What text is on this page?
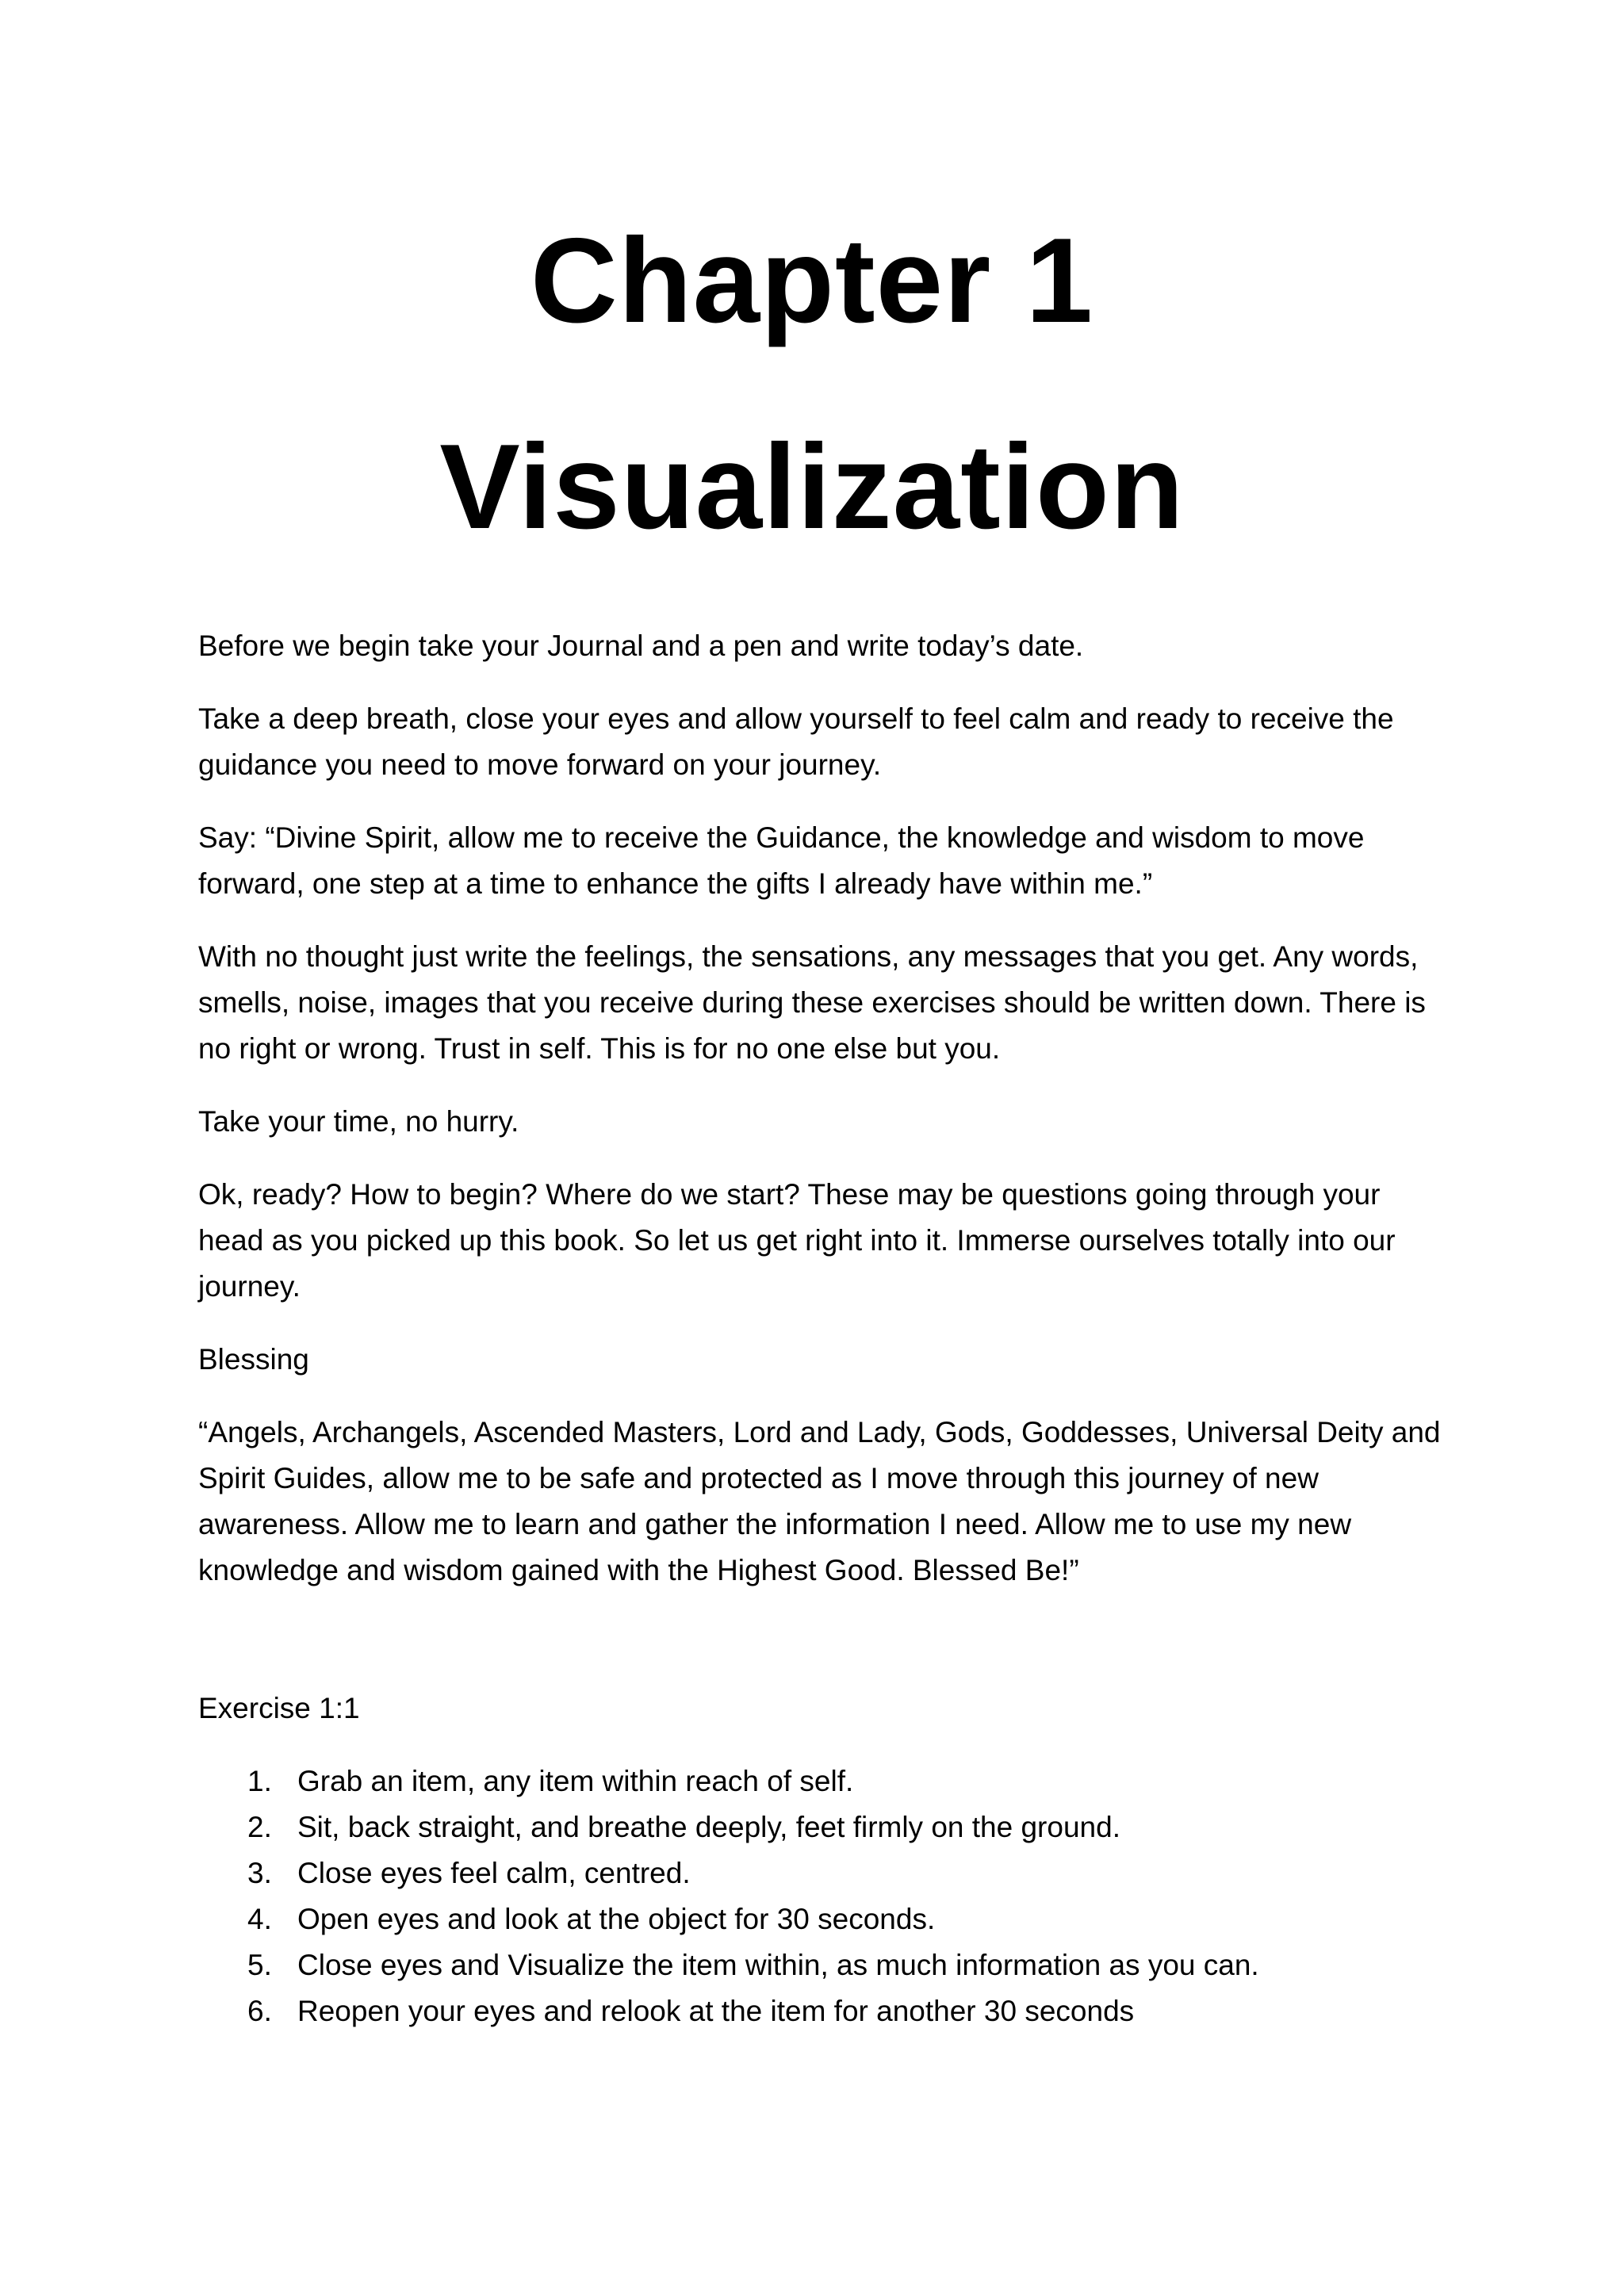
Chapter 1
Visualization

Before we begin take your Journal and a pen and write today’s date.

Take a deep breath, close your eyes and allow yourself to feel calm and ready to receive the guidance you need to move forward on your journey.

Say: “Divine Spirit, allow me to receive the Guidance, the knowledge and wisdom to move forward, one step at a time to enhance the gifts I already have within me.”

With no thought just write the feelings, the sensations, any messages that you get. Any words, smells, noise, images that you receive during these exercises should be written down. There is no right or wrong. Trust in self. This is for no one else but you.

Take your time, no hurry.

Ok, ready? How to begin? Where do we start? These may be questions going through your head as you picked up this book. So let us get right into it. Immerse ourselves totally into our journey.

Blessing

“Angels, Archangels, Ascended Masters, Lord and Lady, Gods, Goddesses, Universal Deity and Spirit Guides, allow me to be safe and protected as I move through this journey of new awareness. Allow me to learn and gather the information I need. Allow me to use my new knowledge and wisdom gained with the Highest Good. Blessed Be!”

Exercise 1:1

1. Grab an item, any item within reach of self.
2. Sit, back straight, and breathe deeply, feet firmly on the ground.
3. Close eyes feel calm, centred.
4. Open eyes and look at the object for 30 seconds.
5. Close eyes and Visualize the item within, as much information as you can.
6. Reopen your eyes and relook at the item for another 30 seconds
